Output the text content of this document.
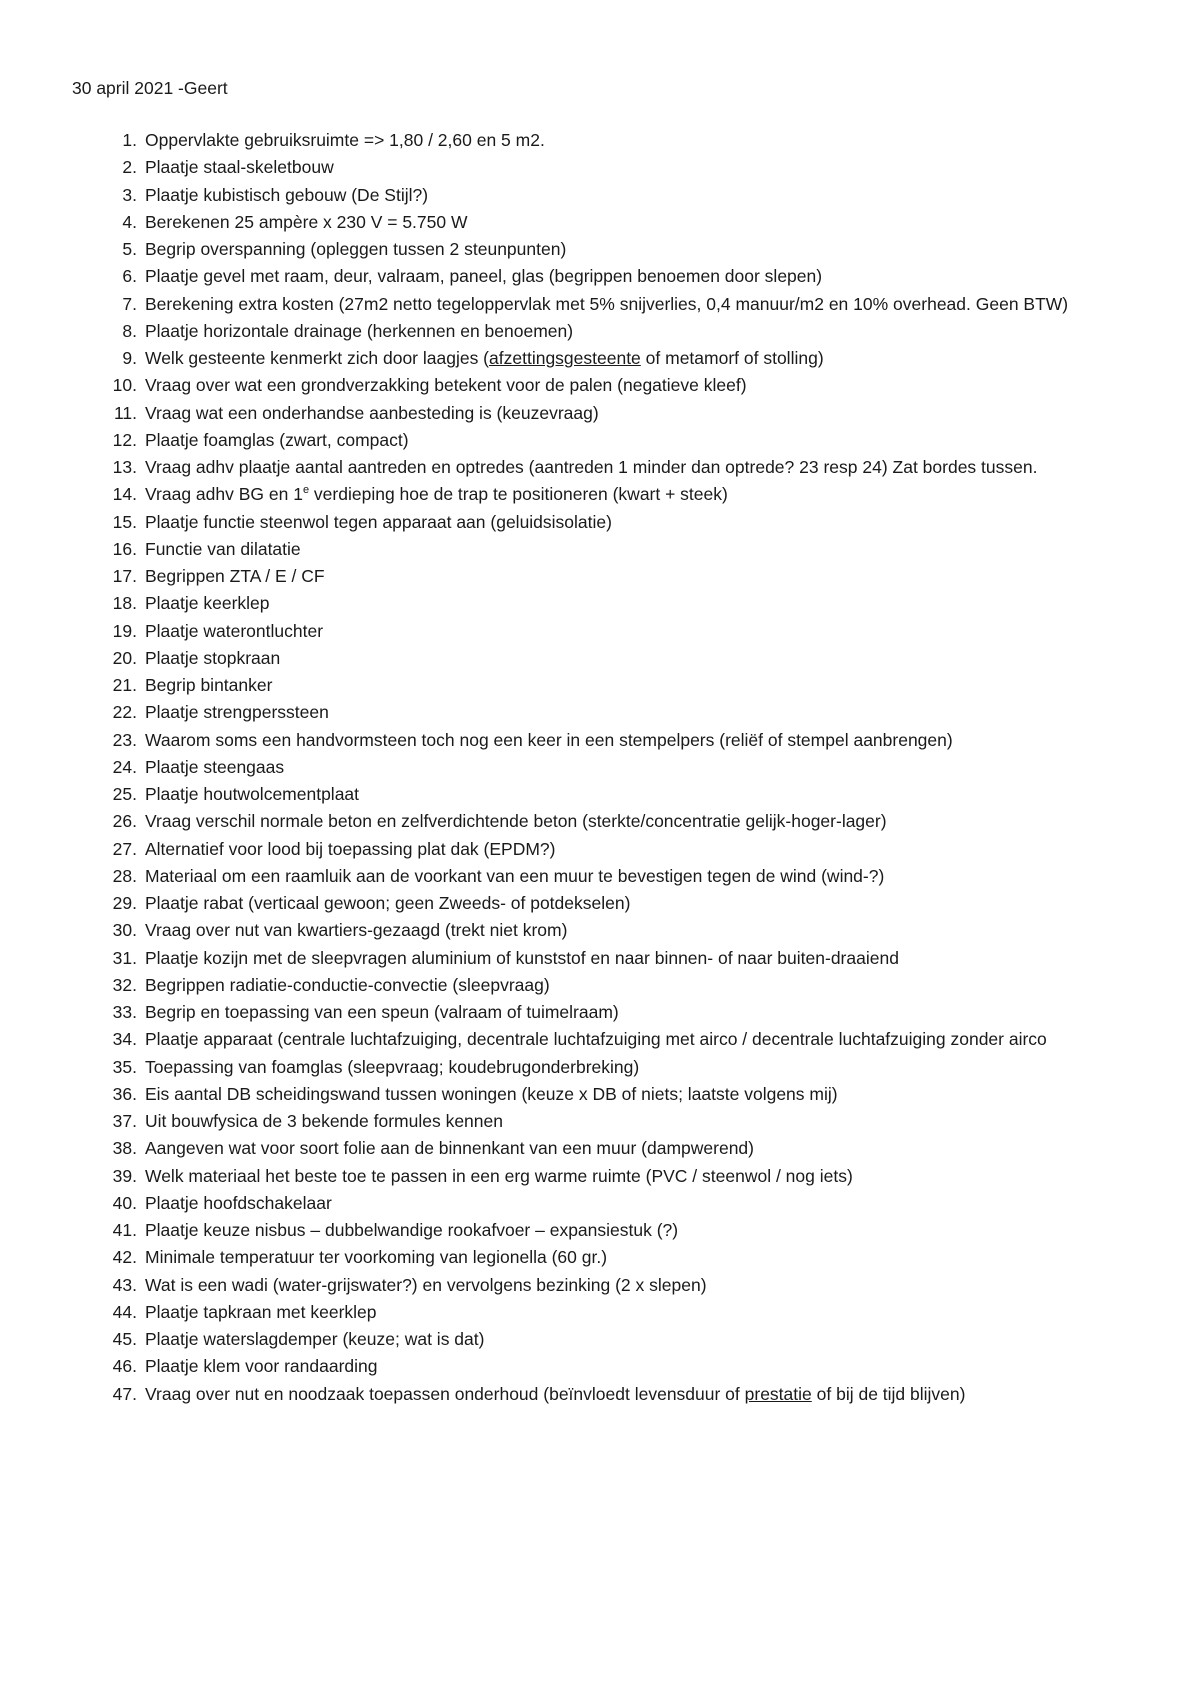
30 april 2021 -Geert
1. Oppervlakte gebruiksruimte => 1,80 / 2,60 en 5 m2.
2. Plaatje staal-skeletbouw
3. Plaatje kubistisch gebouw (De Stijl?)
4. Berekenen 25 ampère x 230 V = 5.750 W
5. Begrip overspanning (opleggen tussen 2 steunpunten)
6. Plaatje gevel met raam, deur, valraam, paneel, glas (begrippen benoemen door slepen)
7. Berekening extra kosten (27m2 netto tegeloppervlak met 5% snijverlies, 0,4 manuur/m2 en 10% overhead. Geen BTW)
8. Plaatje horizontale drainage (herkennen en benoemen)
9. Welk gesteente kenmerkt zich door laagjes (afzettingsgesteente of metamorf of stolling)
10. Vraag over wat een grondverzakking betekent voor de palen (negatieve kleef)
11. Vraag wat een onderhandse aanbesteding is (keuzevraag)
12. Plaatje foamglas (zwart, compact)
13. Vraag adhv plaatje aantal aantreden en optredes (aantreden 1 minder dan optrede? 23 resp 24) Zat bordes tussen.
14. Vraag adhv BG en 1e verdieping hoe de trap te positioneren (kwart + steek)
15. Plaatje functie steenwol tegen apparaat aan (geluidsisolatie)
16. Functie van dilatatie
17. Begrippen ZTA / E / CF
18. Plaatje keerklep
19. Plaatje waterontluchter
20. Plaatje stopkraan
21. Begrip bintanker
22. Plaatje strengperssteen
23. Waarom soms een handvormsteen toch nog een keer in een stempelpers (reliëf of stempel aanbrengen)
24. Plaatje steengaas
25. Plaatje houtwolcementplaat
26. Vraag verschil normale beton en zelfverdichtende beton (sterkte/concentratie gelijk-hoger-lager)
27. Alternatief voor lood bij toepassing plat dak (EPDM?)
28. Materiaal om een raamluik aan de voorkant van een muur te bevestigen tegen de wind (wind-?)
29. Plaatje rabat (verticaal gewoon; geen Zweeds- of potdekselen)
30. Vraag over nut van kwartiers-gezaagd (trekt niet krom)
31. Plaatje kozijn met de sleepvragen aluminium of kunststof en naar binnen- of naar buiten-draaiend
32. Begrippen radiatie-conductie-convectie (sleepvraag)
33. Begrip en toepassing van een speun (valraam of tuimelraam)
34. Plaatje apparaat (centrale luchtafzuiging, decentrale luchtafzuiging met airco / decentrale luchtafzuiging zonder airco
35. Toepassing van foamglas (sleepvraag; koudebrugonderbreking)
36. Eis aantal DB scheidingswand tussen woningen (keuze x DB of niets; laatste volgens mij)
37. Uit bouwfysica de 3 bekende formules kennen
38. Aangeven wat voor soort folie aan de binnenkant van een muur (dampwerend)
39. Welk materiaal het beste toe te passen in een erg warme ruimte (PVC / steenwol / nog iets)
40. Plaatje hoofdschakelaar
41. Plaatje keuze nisbus – dubbelwandige rookafvoer – expansiestuk (?)
42. Minimale temperatuur ter voorkoming van legionella (60 gr.)
43. Wat is een wadi (water-grijswater?) en vervolgens bezinking (2 x slepen)
44. Plaatje tapkraan met keerklep
45. Plaatje waterslagdemper (keuze; wat is dat)
46. Plaatje klem voor randaarding
47. Vraag over nut en noodzaak toepassen onderhoud (beïnvloedt levensduur of prestatie of bij de tijd blijven)
